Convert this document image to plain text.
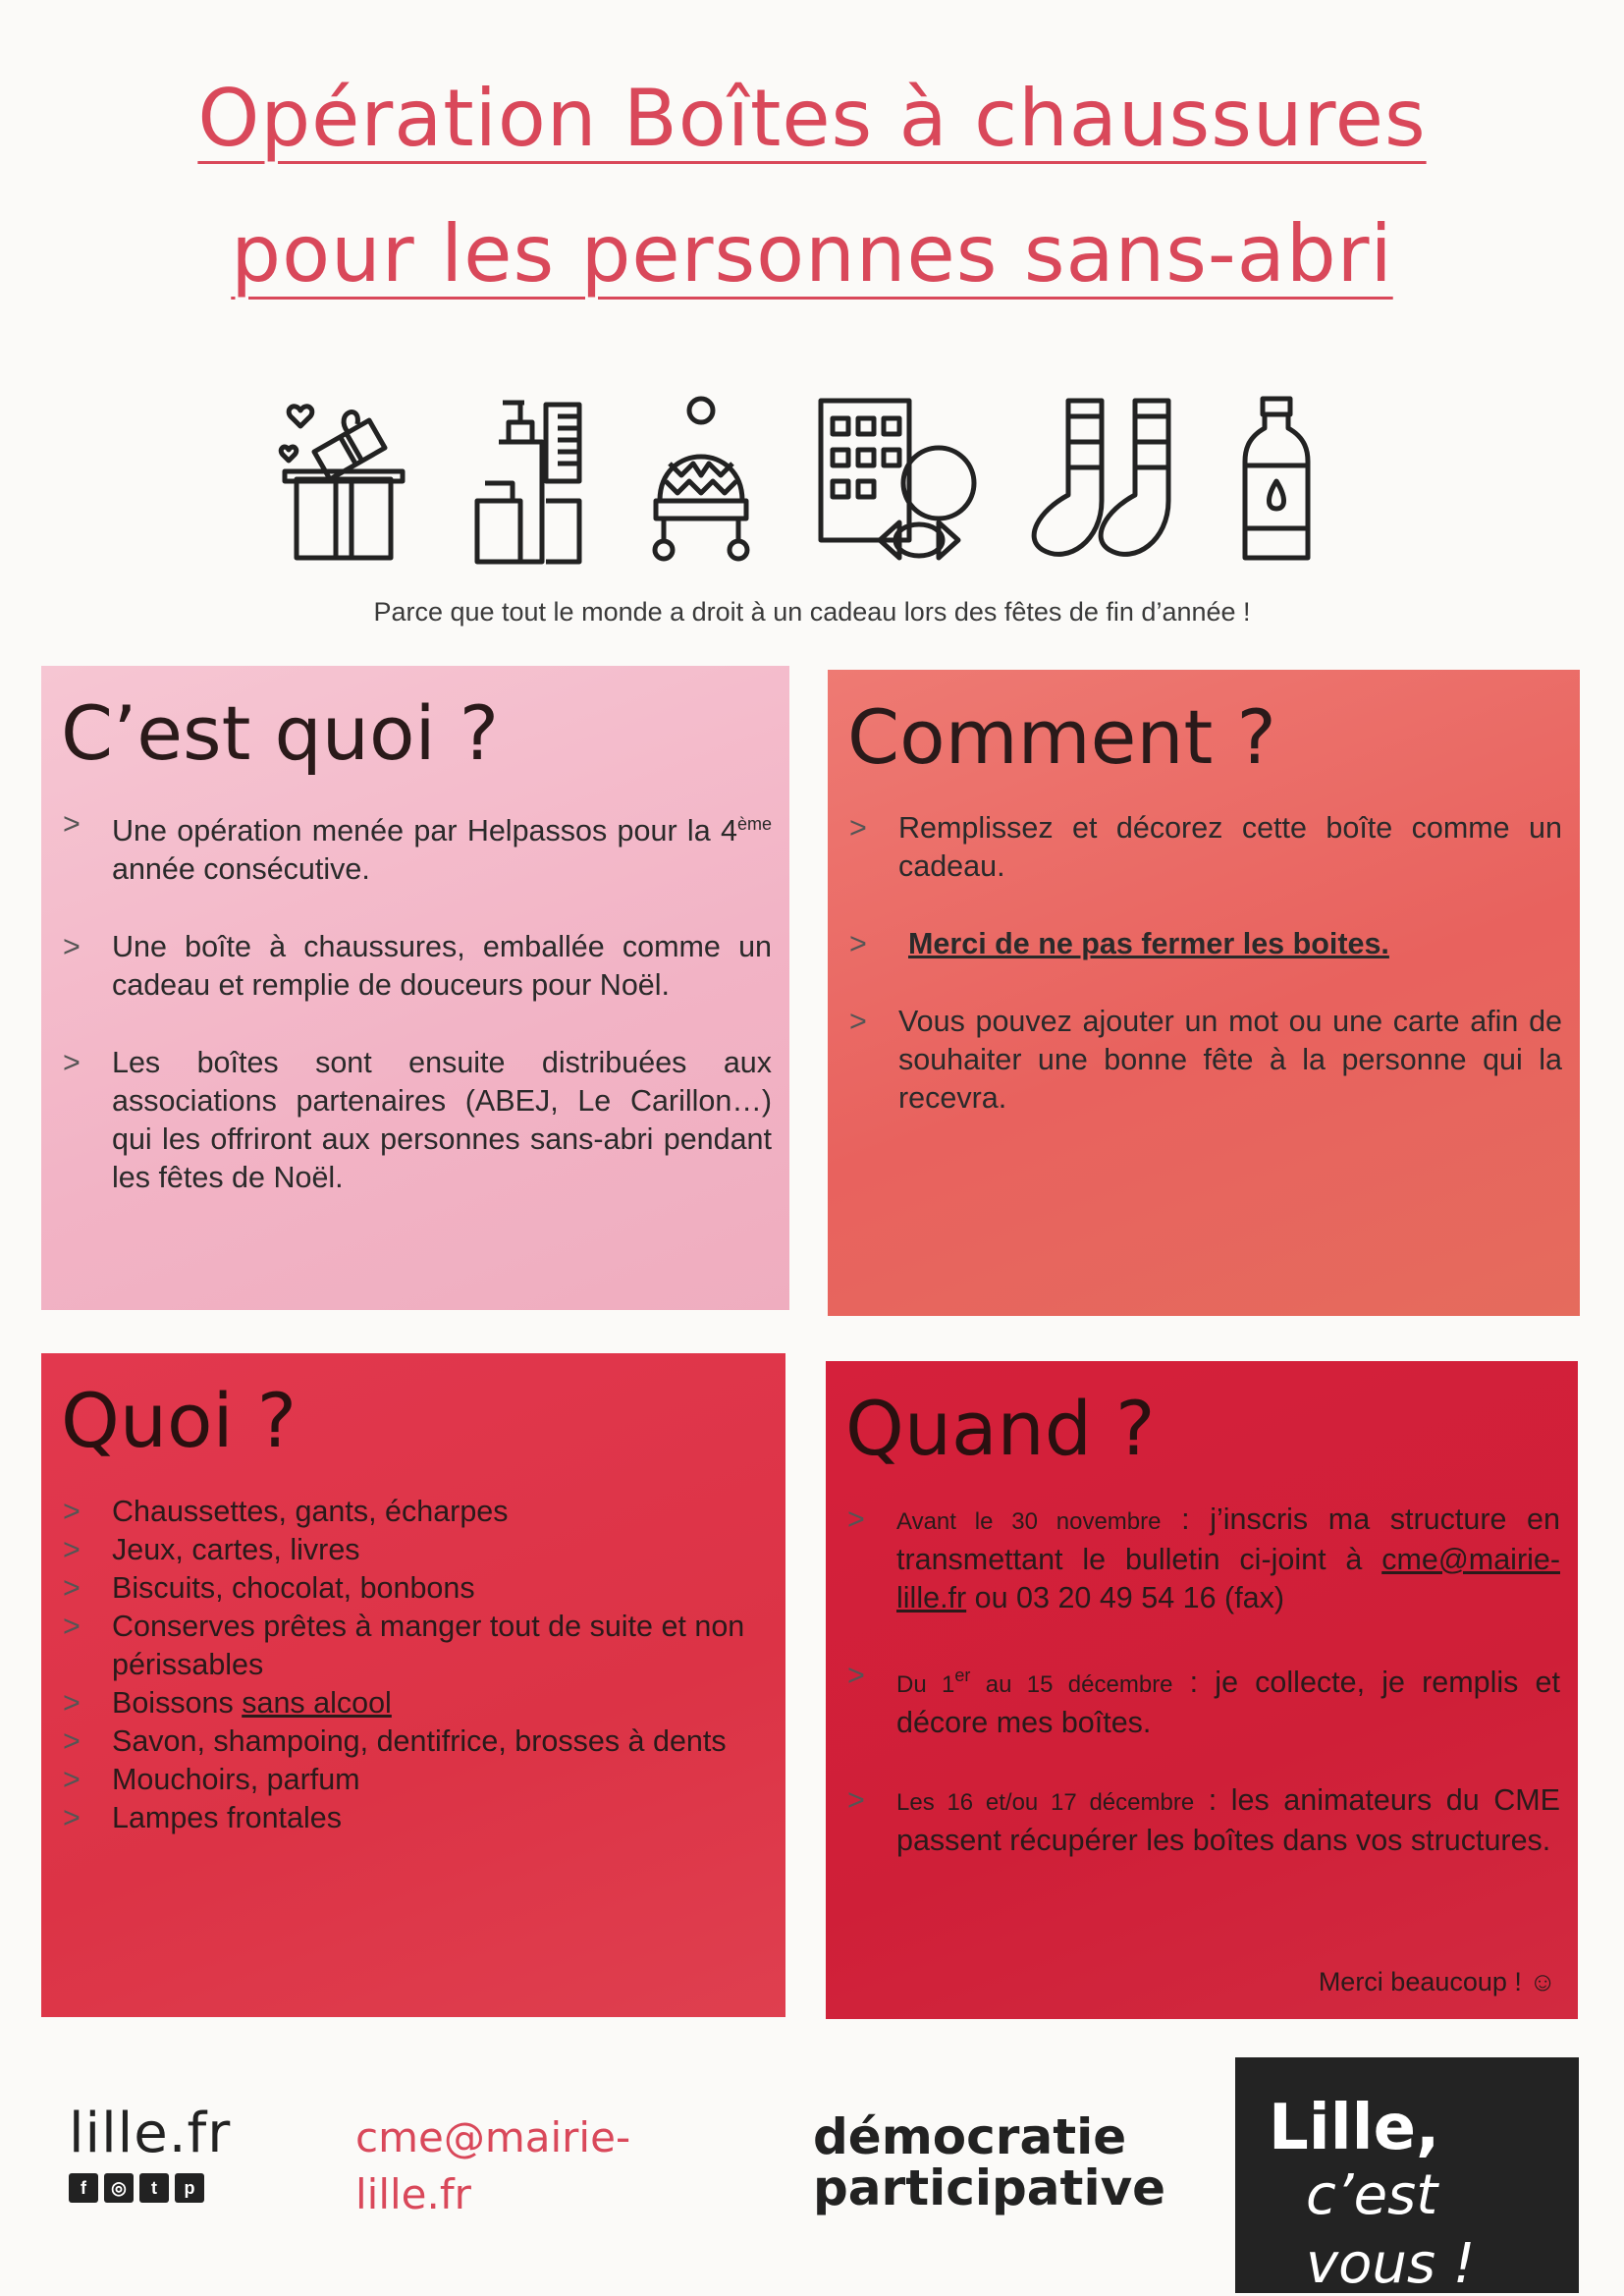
Opération Boîtes à chaussures
pour les personnes sans-abri
Parce que tout le monde a droit à un cadeau lors des fêtes de fin d’année !
C’est quoi ?
>	Une opération menée par Helpassos pour la 4ème année consécutive.
>	Une boîte à chaussures, emballée comme un cadeau et remplie de douceurs pour Noël.
>	Les boîtes sont ensuite distribuées aux associations partenaires (ABEJ, Le Carillon…) qui les offriront aux personnes sans-abri pendant les fêtes de Noël.
Comment ?
>	Remplissez et décorez cette boîte comme un cadeau.
>	Merci de ne pas fermer les boites.
>	Vous pouvez ajouter un mot ou une carte afin de souhaiter une bonne fête à la personne qui la recevra.
Quoi ?
>	Chaussettes, gants, écharpes
>	Jeux, cartes, livres
>	Biscuits, chocolat, bonbons
>	Conserves prêtes à manger tout de suite et non périssables
>	Boissons sans alcool
>	Savon, shampoing, dentifrice, brosses à dents
>	Mouchoirs, parfum
>	Lampes frontales
Quand ?
>	Avant le 30 novembre : j’inscris ma structure en transmettant le bulletin ci-joint à cme@mairie-lille.fr ou 03 20 49 54 16 (fax)
>	Du 1er au 15 décembre : je collecte, je remplis et décore mes boîtes.
>	Les 16 et/ou 17 décembre : les animateurs du CME passent récupérer les boîtes dans vos structures.
Merci beaucoup ! ☺
lille.fr
f	◎	t	p
cme@mairie-
lille.fr
démocratie
participative
Lille,
c’est vous !
